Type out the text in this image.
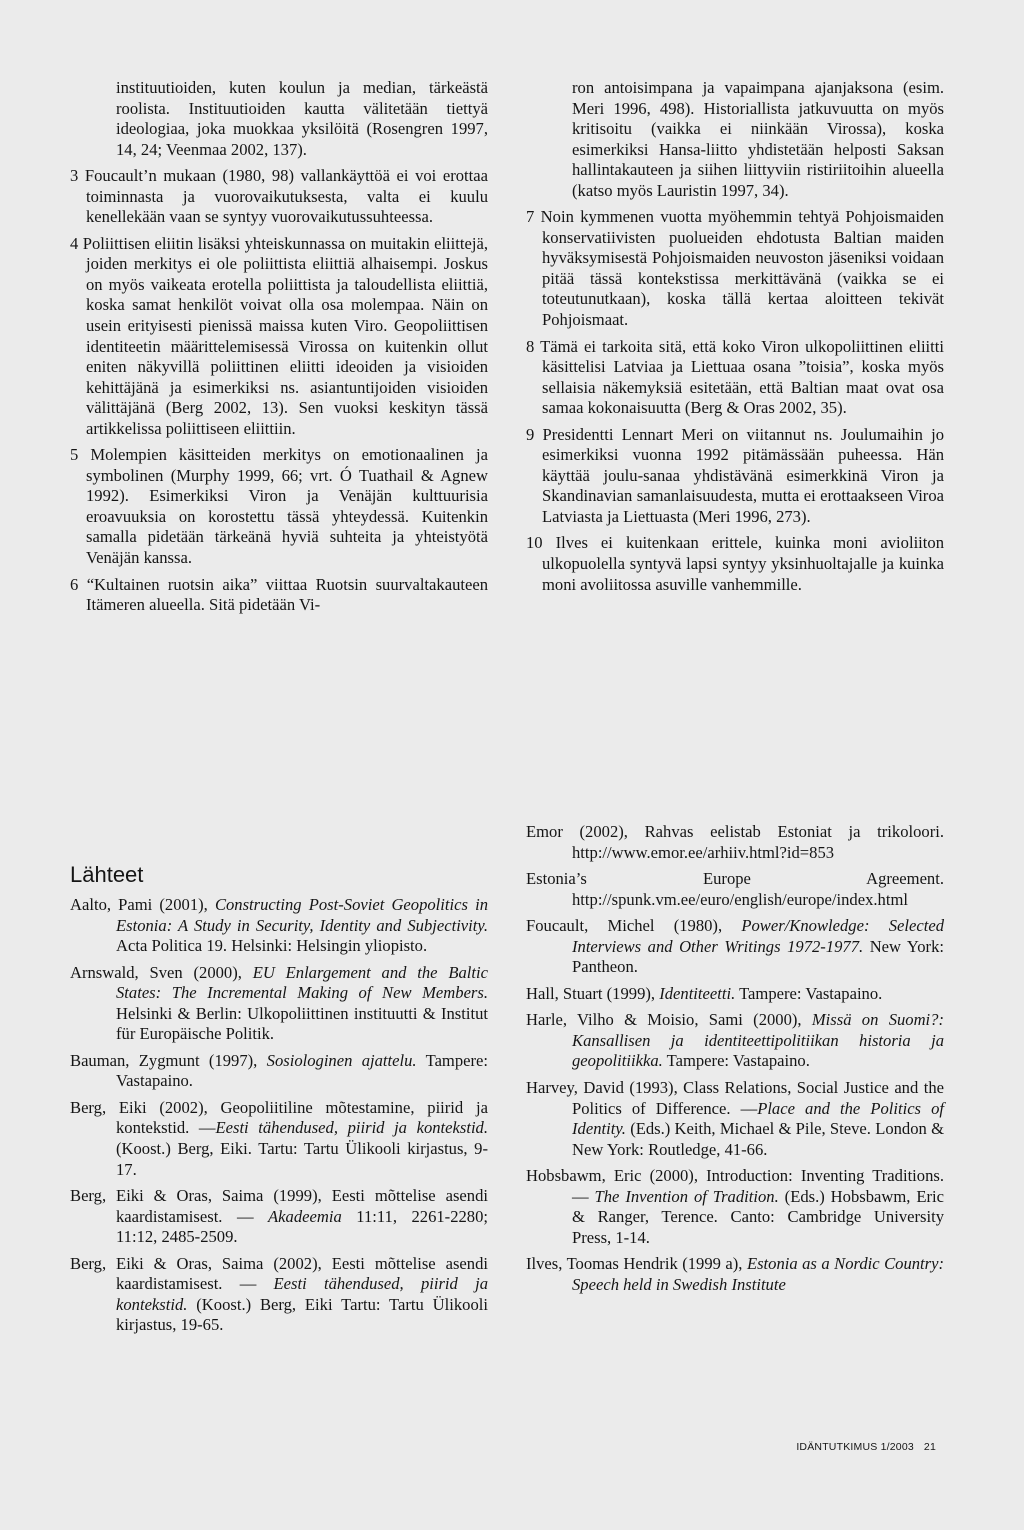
instituutioiden, kuten koulun ja median, tärkeästä roolista. Instituutioiden kautta välitetään tiettyä ideologiaa, joka muokkaa yksilöitä (Rosengren 1997, 14, 24; Veenmaa 2002, 137).

3 Foucault’n mukaan (1980, 98) vallankäyttöä ei voi erottaa toiminnasta ja vuorovaikutuksesta, valta ei kuulu kenellekään vaan se syntyy vuorovaikutussuhteessa.

4 Poliittisen eliitin lisäksi yhteiskunnassa on muitakin eliittejä, joiden merkitys ei ole poliittista eliittiä alhaisempi. Joskus on myös vaikeata erotella poliittista ja taloudellista eliittiä, koska samat henkilöt voivat olla osa molempaa. Näin on usein erityisesti pienissä maissa kuten Viro. Geopoliittisen identiteetin määrittelemisessä Virossa on kuitenkin ollut eniten näkyvillä poliittinen eliitti ideoiden ja visioiden kehittäjänä ja esimerkiksi ns. asiantuntijoiden visioiden välittäjänä (Berg 2002, 13). Sen vuoksi keskityn tässä artikkelissa poliittiseen eliittiin.

5 Molempien käsitteiden merkitys on emotionaalinen ja symbolinen (Murphy 1999, 66; vrt. Ó Tuathail & Agnew 1992). Esimerkiksi Viron ja Venäjän kulttuurisia eroavuuksia on korostettu tässä yhteydessä. Kuitenkin samalla pidetään tärkeänä hyviä suhteita ja yhteistyötä Venäjän kanssa.

6 “Kultainen ruotsin aika” viittaa Ruotsin suurvaltakauteen Itämeren alueella. Sitä pidetään Vi-

ron antoisimpana ja vapaimpana ajanjaksona (esim. Meri 1996, 498). Historiallista jatkuvuutta on myös kritisoitu (vaikka ei niinkään Virossa), koska esimerkiksi Hansa-liitto yhdistetään helposti Saksan hallintakauteen ja siihen liittyviin ristiriitoihin alueella (katso myös Lauristin 1997, 34).

7 Noin kymmenen vuotta myöhemmin tehtyä Pohjoismaiden konservatiivisten puolueiden ehdotusta Baltian maiden hyväksymisestä Pohjoismaiden neuvoston jäseniksi voidaan pitää tässä kontekstissa merkittävänä (vaikka se ei toteutunutkaan), koska tällä kertaa aloitteen tekivät Pohjoismaat.

8 Tämä ei tarkoita sitä, että koko Viron ulkopoliittinen eliitti käsittelisi Latviaa ja Liettuaa osana ”toisia”, koska myös sellaisia näkemyksiä esitetään, että Baltian maat ovat osa samaa kokonaisuutta (Berg & Oras 2002, 35).

9 Presidentti Lennart Meri on viitannut ns. Joulumaihin jo esimerkiksi vuonna 1992 pitämässään puheessa. Hän käyttää joulu-sanaa yhdistävänä esimerkkinä Viron ja Skandinavian samanlaisuudesta, mutta ei erottaakseen Viroa Latviasta ja Liettuasta (Meri 1996, 273).

10 Ilves ei kuitenkaan erittele, kuinka moni avioliiton ulkopuolella syntyvä lapsi syntyy yksinhuoltajalle ja kuinka moni avoliitossa asuville vanhemmille.

Lähteet

Aalto, Pami (2001), Constructing Post-Soviet Geopolitics in Estonia: A Study in Security, Identity and Subjectivity. Acta Politica 19. Helsinki: Helsingin yliopisto.

Arnswald, Sven (2000), EU Enlargement and the Baltic States: The Incremental Making of New Members. Helsinki & Berlin: Ulkopoliittinen instituutti & Institut für Europäische Politik.

Bauman, Zygmunt (1997), Sosiologinen ajattelu. Tampere: Vastapaino.

Berg, Eiki (2002), Geopoliitiline mõtestamine, piirid ja kontekstid. —Eesti tähendused, piirid ja kontekstid. (Koost.) Berg, Eiki. Tartu: Tartu Ülikooli kirjastus, 9-17.

Berg, Eiki & Oras, Saima (1999), Eesti mõttelise asendi kaardistamisest. — Akadeemia 11:11, 2261-2280; 11:12, 2485-2509.

Berg, Eiki & Oras, Saima (2002), Eesti mõttelise asendi kaardistamisest. — Eesti tähendused, piirid ja kontekstid. (Koost.) Berg, Eiki Tartu: Tartu Ülikooli kirjastus, 19-65.

Emor (2002), Rahvas eelistab Estoniat ja trikoloori. http://www.emor.ee/arhiiv.html?id=853

Estonia’s Europe Agreement. http://spunk.vm.ee/euro/english/europe/index.html

Foucault, Michel (1980), Power/Knowledge: Selected Interviews and Other Writings 1972-1977. New York: Pantheon.

Hall, Stuart (1999), Identiteetti. Tampere: Vastapaino.

Harle, Vilho & Moisio, Sami (2000), Missä on Suomi?: Kansallisen ja identiteettipolitiikan historia ja geopolitiikka. Tampere: Vastapaino.

Harvey, David (1993), Class Relations, Social Justice and the Politics of Difference. —Place and the Politics of Identity. (Eds.) Keith, Michael & Pile, Steve. London & New York: Routledge, 41-66.

Hobsbawm, Eric (2000), Introduction: Inventing Traditions. — The Invention of Tradition. (Eds.) Hobsbawm, Eric & Ranger, Terence. Canto: Cambridge University Press, 1-14.

Ilves, Toomas Hendrik (1999 a), Estonia as a Nordic Country: Speech held in Swedish Institute

IDÄNTUTKIMUS 1/2003 21
